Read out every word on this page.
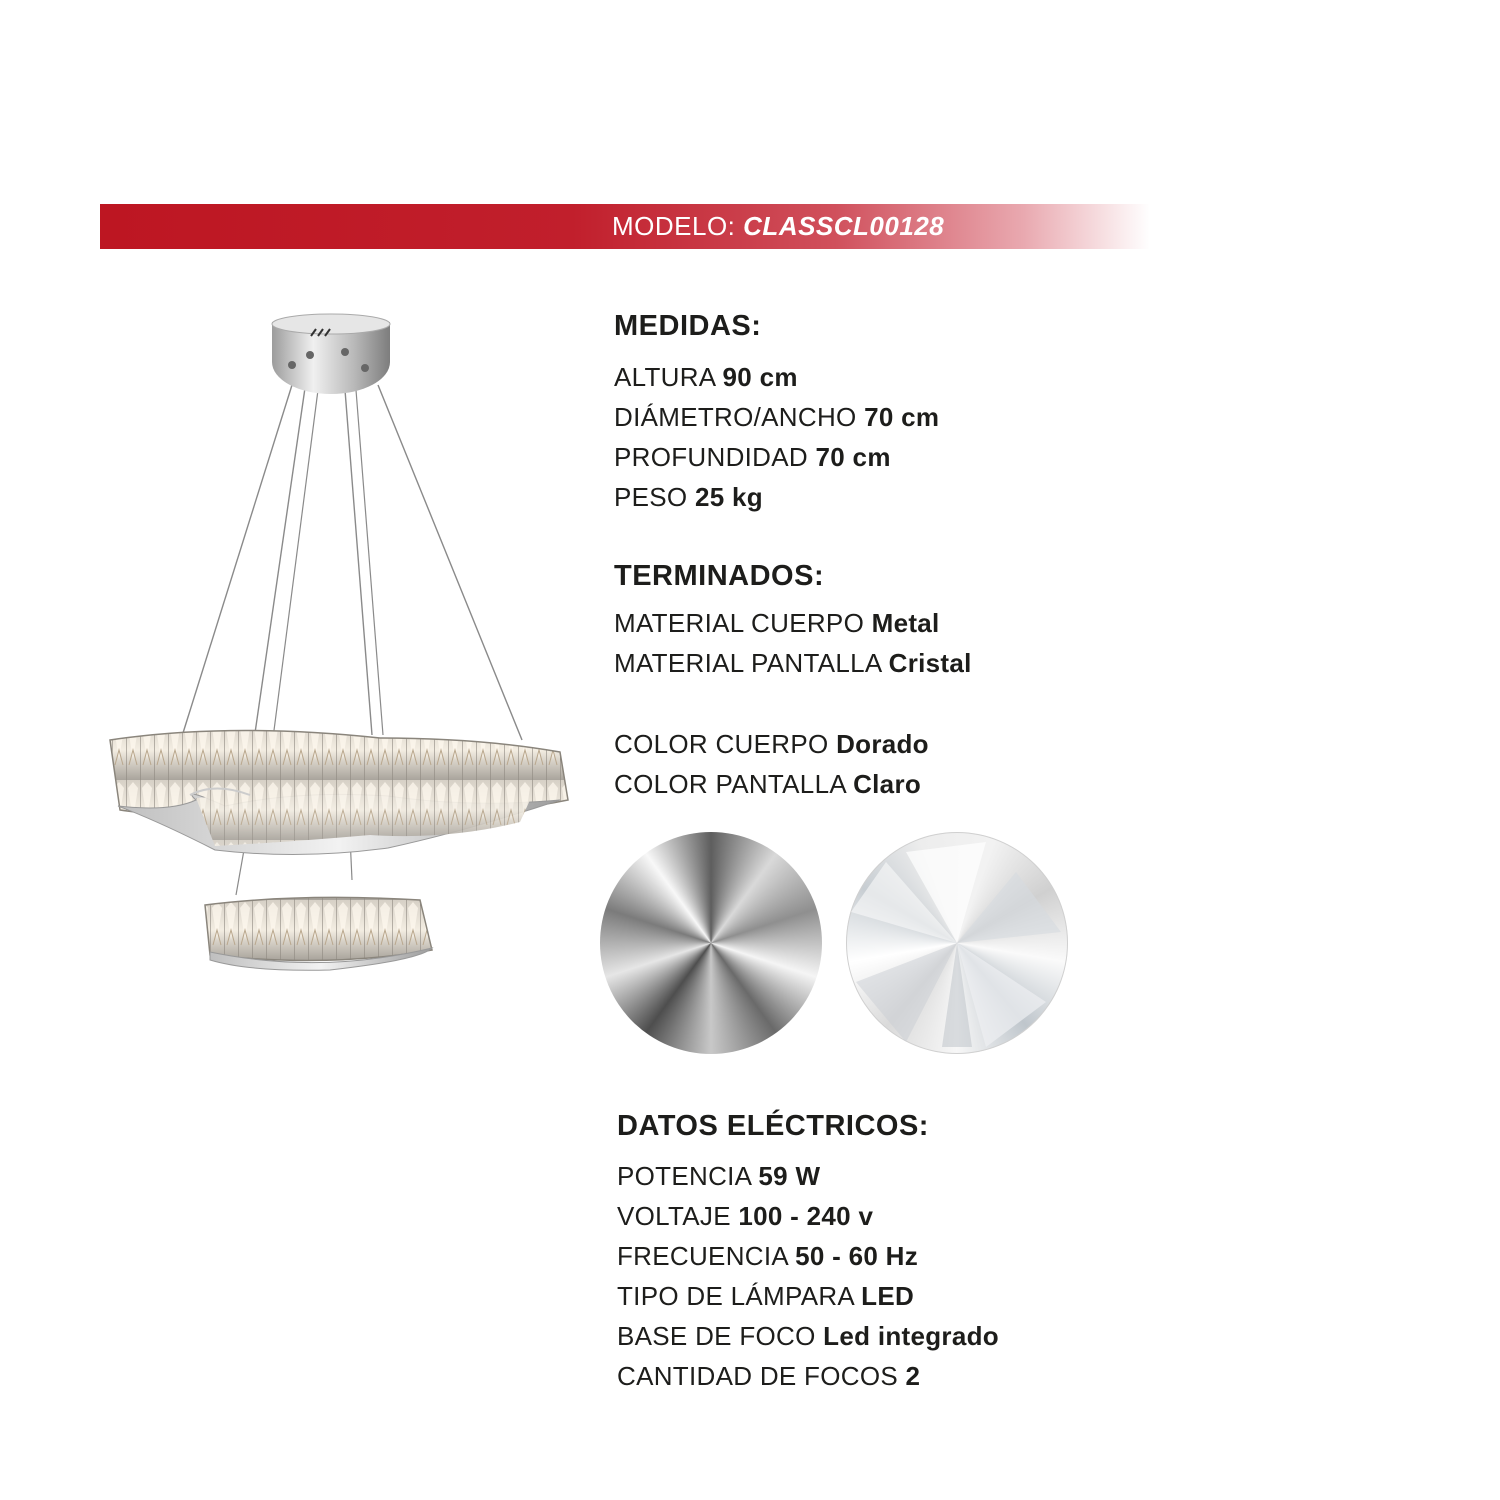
MODELO: CLASSCL00128
MEDIDAS:
ALTURA 90 cm
DIÁMETRO/ANCHO 70 cm
PROFUNDIDAD 70 cm
PESO 25 kg
TERMINADOS:
MATERIAL CUERPO Metal
MATERIAL PANTALLA Cristal
COLOR CUERPO Dorado
COLOR PANTALLA Claro
DATOS ELÉCTRICOS:
POTENCIA 59 W
VOLTAJE 100 - 240 v
FRECUENCIA 50 - 60 Hz
TIPO DE LÁMPARA LED
BASE DE FOCO Led integrado
CANTIDAD DE FOCOS 2
